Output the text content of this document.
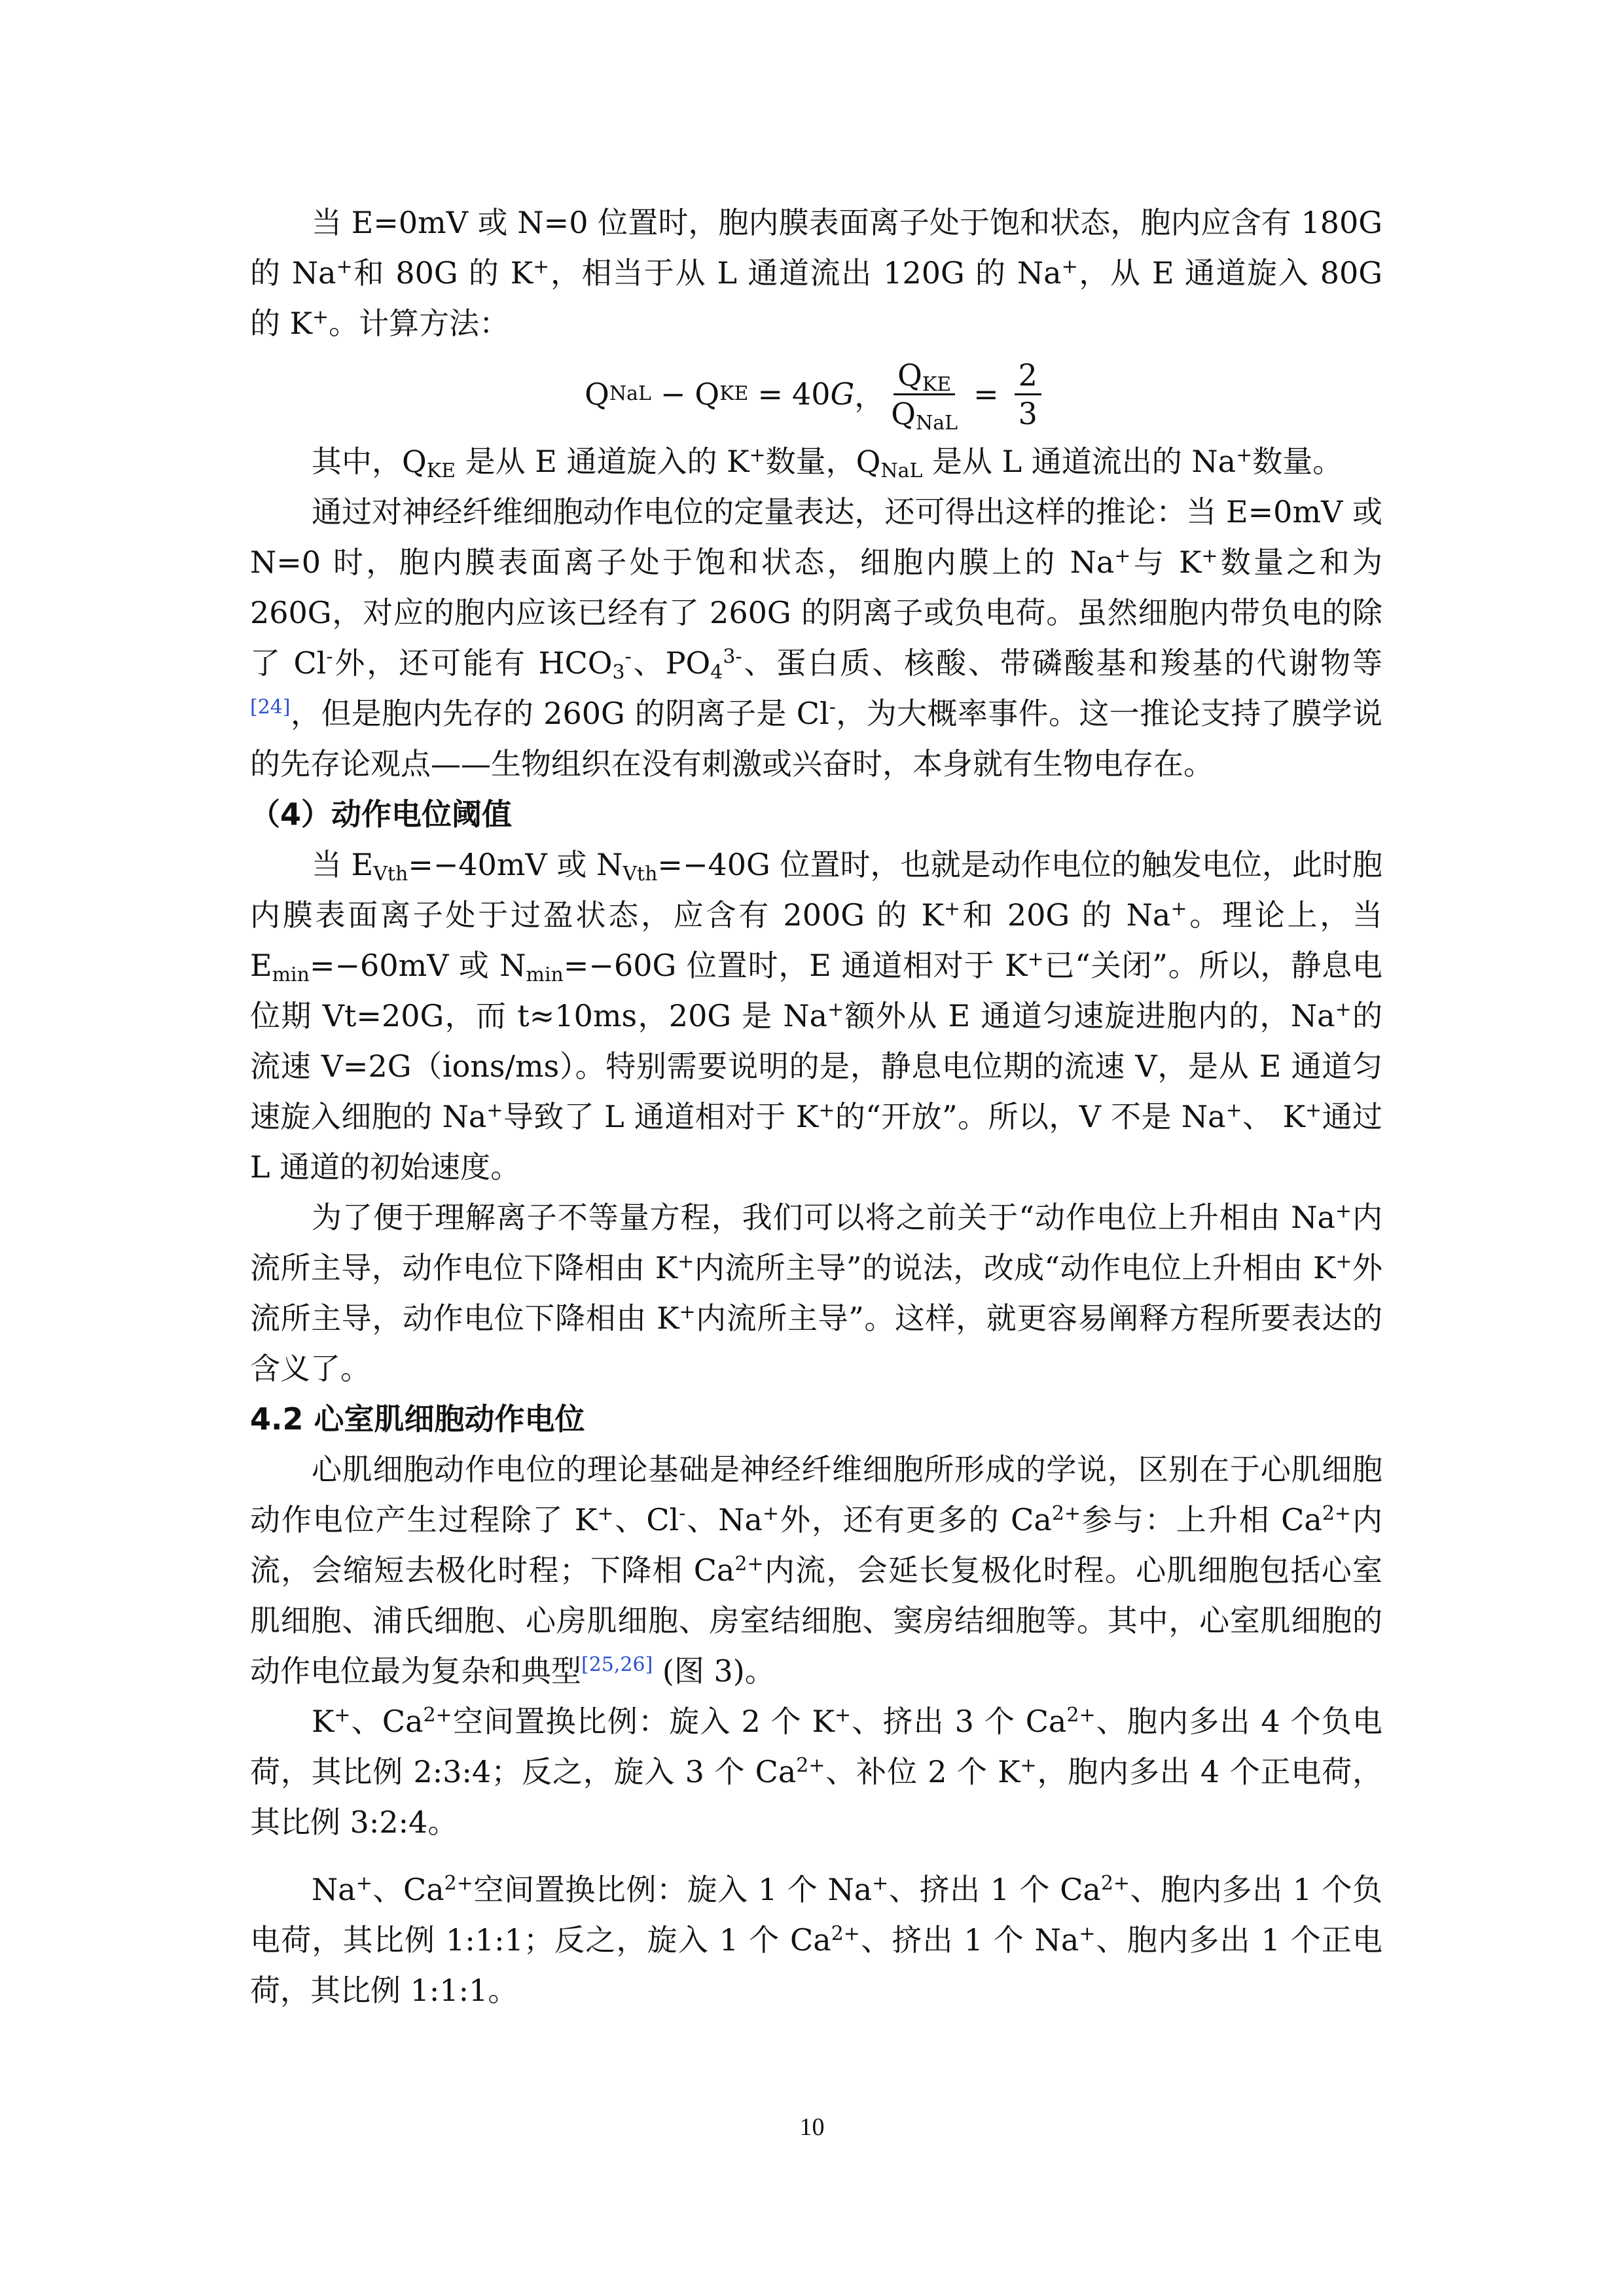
当 E=0mV 或 N=0 位置时，胞内膜表面离子处于饱和状态，胞内应含有 180G 的 Na+和 80G 的 K+，相当于从 L 通道流出 120G 的 Na+，从 E 通道旋入 80G 的 K+。计算方法：

Q NaL − Q KE = 40 G ， $\frac{Q_{KE}}{Q_{NaL}} = \frac{2}{3}$

其中，$Q_{KE}$ 是从 E 通道旋入的 K+数量，$Q_{NaL}$ 是从 L 通道流出的 Na+数量。

通过对神经纤维细胞动作电位的定量表达，还可得出这样的推论：当 E=0mV 或 N=0 时，胞内膜表面离子处于饱和状态，细胞内膜上的 Na+与 K+数量之和为 260G，对应的胞内应该已经有了 260G 的阴离子或负电荷。虽然细胞内带负电的除了 Cl-外，还可能有 $HCO_3^-$、$PO_4^{3-}$、蛋白质、核酸、带磷酸基和羧基的代谢物等[24]，但是胞内先存的 260G 的阴离子是 Cl-，为大概率事件。这一推论支持了膜学说的先存论观点——生物组织在没有刺激或兴奋时，本身就有生物电存在。

（4）动作电位阈值

当 $E_{Vth}=-40mV$ 或 $N_{Vth}=-40G$ 位置时，也就是动作电位的触发电位，此时胞内膜表面离子处于过盈状态，应含有 200G 的 K+和 20G 的 Na+。理论上，当 $E_{min}=-60mV$ 或 $N_{min}=-60G$ 位置时，E 通道相对于 K+已“关闭”。所以，静息电位期 Vt=20G，而 t≈10ms，20G 是 Na+额外从 E 通道匀速旋进胞内的，Na+的流速 V=2G（ions/ms）。特别需要说明的是，静息电位期的流速 V，是从 E 通道匀速旋入细胞的 Na+导致了 L 通道相对于 K+的“开放”。所以，V 不是 Na+、 K+通过 L 通道的初始速度。

为了便于理解离子不等量方程，我们可以将之前关于“动作电位上升相由 Na+内流所主导，动作电位下降相由 K+内流所主导”的说法，改成“动作电位上升相由 K+外流所主导，动作电位下降相由 K+内流所主导”。这样，就更容易阐释方程所要表达的含义了。

4.2 心室肌细胞动作电位

心肌细胞动作电位的理论基础是神经纤维细胞所形成的学说，区别在于心肌细胞动作电位产生过程除了 K+、Cl-、Na+外，还有更多的 $Ca^{2+}$参与：上升相 $Ca^{2+}$内流，会缩短去极化时程；下降相 $Ca^{2+}$内流，会延长复极化时程。心肌细胞包括心室肌细胞、浦氏细胞、心房肌细胞、房室结细胞、窦房结细胞等。其中，心室肌细胞的动作电位最为复杂和典型[25,26] (图 3)。

K+、$Ca^{2+}$空间置换比例：旋入 2 个 K+、挤出 3 个 $Ca^{2+}$、胞内多出 4 个负电荷，其比例 2:3:4；反之，旋入 3 个 $Ca^{2+}$、补位 2 个 K+，胞内多出 4 个正电荷，其比例 3:2:4。

Na+、$Ca^{2+}$空间置换比例：旋入 1 个 Na+、挤出 1 个 $Ca^{2+}$、胞内多出 1 个负电荷，其比例 1:1:1；反之，旋入 1 个 $Ca^{2+}$、挤出 1 个 Na+、胞内多出 1 个正电荷，其比例 1:1:1。

10
